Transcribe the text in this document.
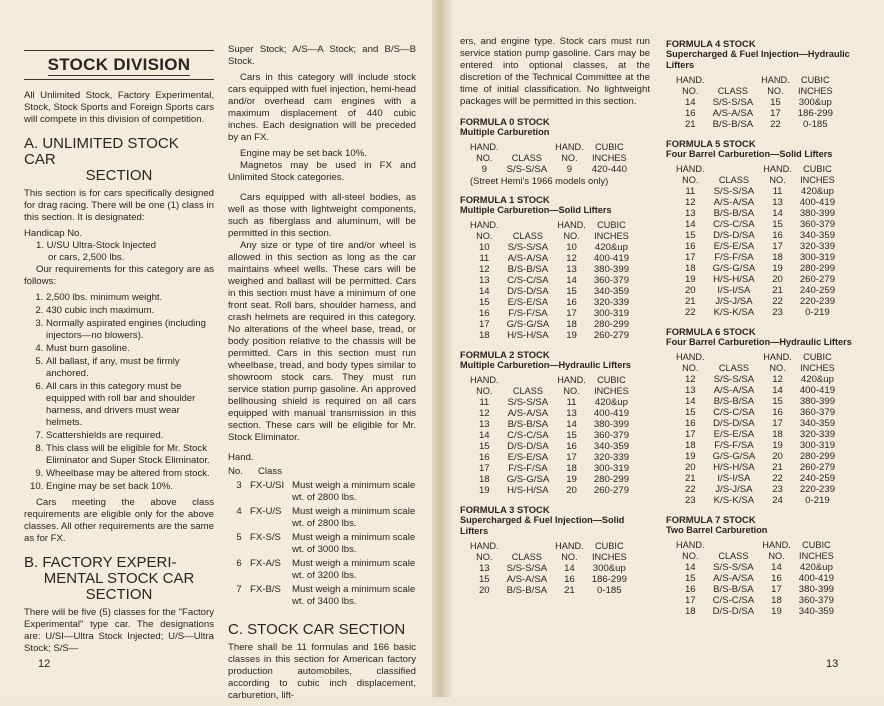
STOCK DIVISION

All Unlimited Stock, Factory Experimental, Stock, Stock Sports and Foreign Sports cars will compete in this division of competition.

A. UNLIMITED STOCK CAR
SECTION

This section is for cars specifically designed for drag racing. There will be one (1) class in this section. It is designated:

Handicap No.

1. U/SU Ultra-Stock Injected

or cars, 2,500 lbs.

Our requirements for this category are as follows:

1. 2,500 lbs. minimum weight.
2. 430 cubic inch maximum.
3. Normally aspirated engines (including injectors—no blowers).
4. Must burn gasoline.
5. All ballast, if any, must be firmly anchored.
6. All cars in this category must be equipped with roll bar and shoulder harness, and drivers must wear helmets.
7. Scattershields are required.
8. This class will be eligible for Mr. Stock Eliminator and Super Stock Eliminator.
9. Wheelbase may be altered from stock.
10. Engine may be set back 10%.

Cars meeting the above class requirements are eligible only for the above classes. All other requirements are the same as for FX.

B. FACTORY EXPERI-
MENTAL STOCK CAR
SECTION

There will be five (5) classes for the "Factory Experimental" type car. The designations are: U/SI—Ultra Stock Injected; U/S—Ultra Stock; S/S—

Super Stock; A/S—A Stock; and B/S—B Stock.

Cars in this category will include stock cars equipped with fuel injection, hemi-head and/or overhead cam engines with a maximum displacement of 440 cubic inches. Each designation will be preceded by an FX.

Engine may be set back 10%.

Magnetos may be used in FX and Unlimited Stock categories.

Cars equipped with all-steel bodies, as well as those with lightweight components, such as fiberglass and aluminum, will be permitted in this section.

Any size or type of tire and/or wheel is allowed in this section as long as the car maintains wheel wells. These cars will be weighed and ballast will be permitted. Cars in this section must have a minimum of one front seat. Roll bars, shoulder harness, and crash helmets are required in this category. No alterations of the wheel base, tread, or body position relative to the chassis will be permitted. Cars in this section must run wheelbase, tread, and body types similar to showroom stock cars. They must run service station pump gasoline. An approved bellhousing shield is required on all cars equipped with manual transmission in this section. These cars will be eligible for Mr. Stock Eliminator.

Hand.
No.	Class
3 FX-U/SI Must weigh a minimum scale wt. of 2800 lbs.
4 FX-U/S	Must weigh a minimum scale wt. of 2800 lbs.
5 FX-S/S	Must weigh a minimum scale wt. of 3000 lbs.
6 FX-A/S	Must weigh a minimum scale wt. of 3200 lbs.
7 FX-B/S	Must weigh a minimum scale wt. of 3400 lbs.
C. STOCK CAR SECTION

There shall be 11 formulas and 166 basic classes in this section for American factory production automobiles, classified according to cubic inch displacement, carburetion, lift-

12

ers, and engine type. Stock cars must run service station pump gasoline. Cars may be entered into optional classes, at the discretion of the Technical Committee at the time of initial classification. No lightweight packages will be permitted in this section.

FORMULA 0 STOCK
Multiple Carburetion
HAND.		HAND.	CUBIC
NO.	CLASS	NO.	INCHES
9	S/S-S/SA	9	420-440
(Street Hemi's 1966 models only)
FORMULA 1 STOCK
Multiple Carburetion—Solid Lifters
HAND.		HAND.	CUBIC
NO.	CLASS	NO.	INCHES
10	S/S-S/SA	10	420&up
11	A/S-A/SA	12	400-419
12	B/S-B/SA	13	380-399
13	C/S-C/SA	14	360-379
14	D/S-D/SA	15	340-359
15	E/S-E/SA	16	320-339
16	F/S-F/SA	17	300-319
17	G/S-G/SA	18	280-299
18	H/S-H/SA	19	260-279
FORMULA 2 STOCK
Multiple Carburetion—Hydraulic Lifters
HAND.		HAND.	CUBIC
NO.	CLASS	NO.	INCHES
11	S/S-S/SA	11	420&up
12	A/S-A/SA	13	400-419
13	B/S-B/SA	14	380-399
14	C/S-C/SA	15	360-379
15	D/S-D/SA	16	340-359
16	E/S-E/SA	17	320-339
17	F/S-F/SA	18	300-319
18	G/S-G/SA	19	280-299
19	H/S-H/SA	20	260-279
FORMULA 3 STOCK
Supercharged & Fuel Injection—Solid Lifters
HAND.		HAND.	CUBIC
NO.	CLASS	NO.	INCHES
13	S/S-S/SA	14	300&up
15	A/S-A/SA	16	186-299
20	B/S-B/SA	21	0-185
FORMULA 4 STOCK
Supercharged & Fuel Injection—Hydraulic Lifters
HAND.		HAND.	CUBIC
NO.	CLASS	NO.	INCHES
14	S/S-S/SA	15	300&up
16	A/S-A/SA	17	186-299
21	B/S-B/SA	22	0-185
FORMULA 5 STOCK
Four Barrel Carburetion—Solid Lifters
HAND.		HAND.	CUBIC
NO.	CLASS	NO.	INCHES
11	S/S-S/SA	11	420&up
12	A/S-A/SA	13	400-419
13	B/S-B/SA	14	380-399
14	C/S-C/SA	15	360-379
15	D/S-D/SA	16	340-359
16	E/S-E/SA	17	320-339
17	F/S-F/SA	18	300-319
18	G/S-G/SA	19	280-299
19	H/S-H/SA	20	260-279
20	I/S-I/SA	21	240-259
21	J/S-J/SA	22	220-239
22	K/S-K/SA	23	0-219
FORMULA 6 STOCK
Four Barrel Carburetion—Hydraulic Lifters
HAND.		HAND.	CUBIC
NO.	CLASS	NO.	INCHES
12	S/S-S/SA	12	420&up
13	A/S-A/SA	14	400-419
14	B/S-B/SA	15	380-399
15	C/S-C/SA	16	360-379
16	D/S-D/SA	17	340-359
17	E/S-E/SA	18	320-339
18	F/S-F/SA	19	300-319
19	G/S-G/SA	20	280-299
20	H/S-H/SA	21	260-279
21	I/S-I/SA	22	240-259
22	J/S-J/SA	23	220-239
23	K/S-K/SA	24	0-219
FORMULA 7 STOCK
Two Barrel Carburetion
HAND.		HAND.	CUBIC
NO.	CLASS	NO.	INCHES
14	S/S-S/SA	14	420&up
15	A/S-A/SA	16	400-419
16	B/S-B/SA	17	380-399
17	C/S-C/SA	18	360-379
18	D/S-D/SA	19	340-359
13
